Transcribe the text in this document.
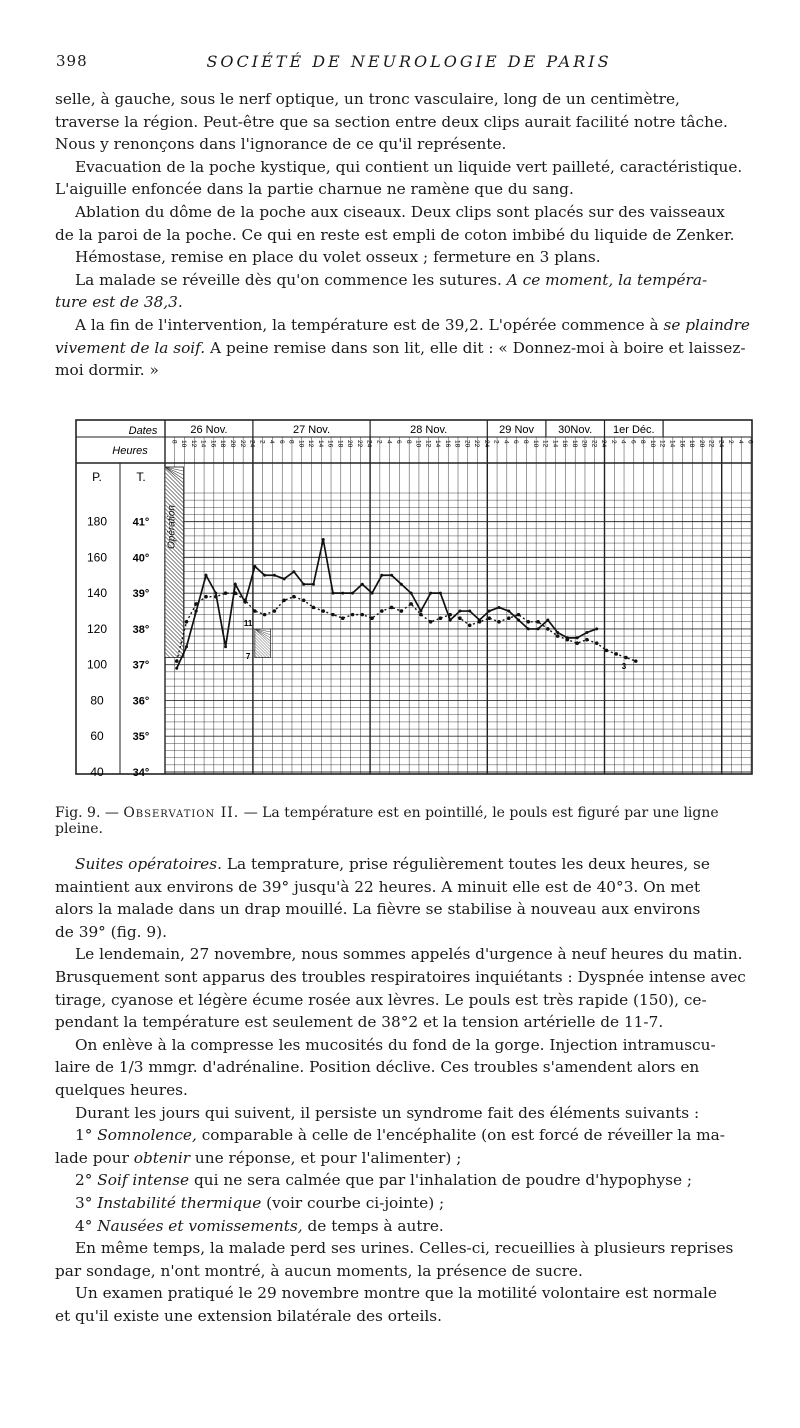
398	SOCIÉTÉ DE NEUROLOGIE DE PARIS
selle, à gauche, sous le nerf optique, un tronc vasculaire, long de un centimètre,
traverse la région. Peut-être que sa section entre deux clips aurait facilité notre tâche.
Nous y renonçons dans l'ignorance de ce qu'il représente.
Evacuation de la poche kystique, qui contient un liquide vert pailleté, caractéristique.
L'aiguille enfoncée dans la partie charnue ne ramène que du sang.
Ablation du dôme de la poche aux ciseaux. Deux clips sont placés sur des vaisseaux
de la paroi de la poche. Ce qui en reste est empli de coton imbibé du liquide de Zenker.
Hémostase, remise en place du volet osseux ; fermeture en 3 plans.
La malade se réveille dès qu'on commence les sutures. A ce moment, la tempéra-
ture est de 38,3.
A la fin de l'intervention, la température est de 39,2. L'opérée commence à se plaindre
vivement de la soif. A peine remise dans son lit, elle dit : « Donnez-moi à boire et laissez-
moi dormir. »
Dates
Heures
P.	T.
26 Nov.	27 Nov.	28 Nov.	29 Nov 30Nov. 1er Déc.
8 10 12 14 16 18 20 22 24 2 4 6 8 10 12 14 16 18 20 22 24 2 4 6 8 10 12 14 16 18 20 22 24 2 4 6 8 10 12 14 16 18 20 22 24 2 4 6 8 10 12 14 16 18 20 22 24 2 4 6
180
160
140
120
100
80
60
40
41°
40°
39°
38°
37°
36°
35°
34°
Opération
11
7
3
Fig. 9. — Observation II. — La température est en pointillé, le pouls est figuré par une ligne pleine.
Suites opératoires. La temprature, prise régulièrement toutes les deux heures, se
maintient aux environs de 39° jusqu'à 22 heures. A minuit elle est de 40°3. On met
alors la malade dans un drap mouillé. La fièvre se stabilise à nouveau aux environs
de 39° (fig. 9).
Le lendemain, 27 novembre, nous sommes appelés d'urgence à neuf heures du matin.
Brusquement sont apparus des troubles respiratoires inquiétants : Dyspnée intense avec
tirage, cyanose et légère écume rosée aux lèvres. Le pouls est très rapide (150), ce-
pendant la température est seulement de 38°2 et la tension artérielle de 11-7.
On enlève à la compresse les mucosités du fond de la gorge. Injection intramuscu-
laire de 1/3 mmgr. d'adrénaline. Position déclive. Ces troubles s'amendent alors en
quelques heures.
Durant les jours qui suivent, il persiste un syndrome fait des éléments suivants :
1° Somnolence, comparable à celle de l'encéphalite (on est forcé de réveiller la ma-
lade pour obtenir une réponse, et pour l'alimenter) ;
2° Soif intense qui ne sera calmée que par l'inhalation de poudre d'hypophyse ;
3° Instabilité thermique (voir courbe ci-jointe) ;
4° Nausées et vomissements, de temps à autre.
En même temps, la malade perd ses urines. Celles-ci, recueillies à plusieurs reprises
par sondage, n'ont montré, à aucun moments, la présence de sucre.
Un examen pratiqué le 29 novembre montre que la motilité volontaire est normale
et qu'il existe une extension bilatérale des orteils.
